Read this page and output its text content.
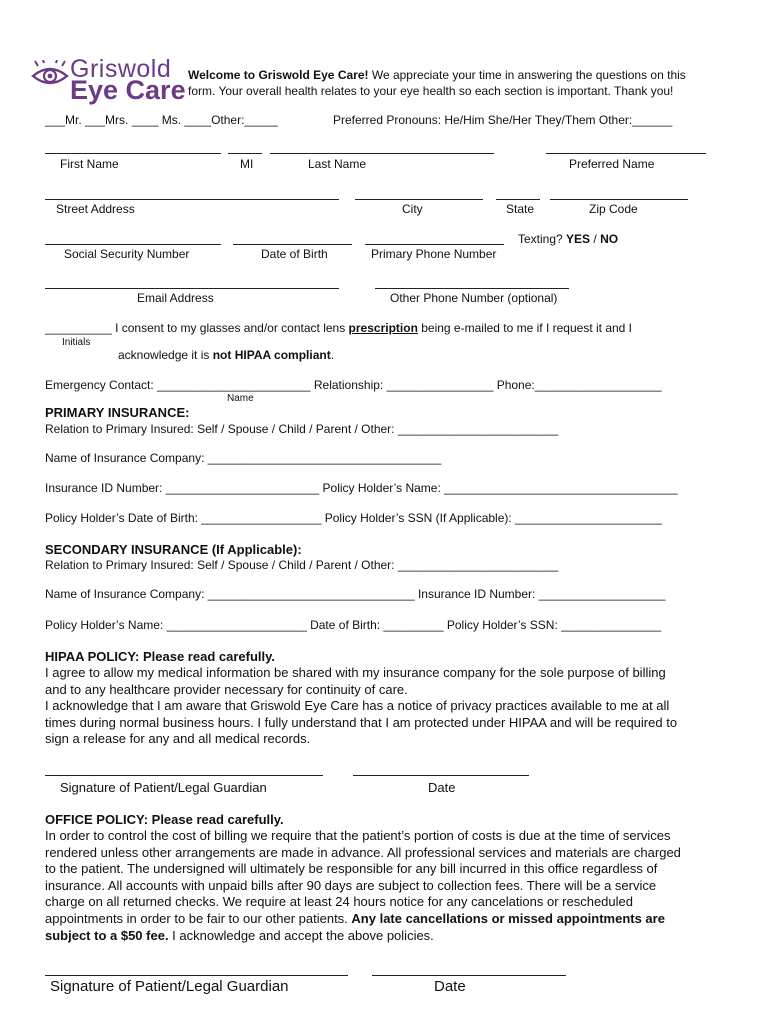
Griswold
Eye Care Welcome to Griswold Eye Care! We appreciate your time in answering the questions on this
form. Your overall health relates to your eye health so each section is important. Thank you!
___Mr. ___Mrs. ____ Ms. ____Other:_____	Preferred Pronouns: He/Him She/Her They/Them Other:______
First Name	MI	Last Name	Preferred Name
Street Address	City	State	Zip Code
Texting? YES / NO
Social Security Number	Date of Birth	Primary Phone Number
Email Address	Other Phone Number (optional)
__________ I consent to my glasses and/or contact lens prescription being e-mailed to me if I request it and I
Initials
acknowledge it is not HIPAA compliant.
Emergency Contact: _______________________ Relationship: ________________ Phone:___________________
Name
PRIMARY INSURANCE:
Relation to Primary Insured: Self / Spouse / Child / Parent / Other: ________________________
Name of Insurance Company: ___________________________________
Insurance ID Number: _______________________ Policy Holder’s Name: ___________________________________
Policy Holder’s Date of Birth: __________________ Policy Holder’s SSN (If Applicable): ______________________
SECONDARY INSURANCE (If Applicable):
Relation to Primary Insured: Self / Spouse / Child / Parent / Other: ________________________
Name of Insurance Company: _______________________________ Insurance ID Number: ___________________
Policy Holder’s Name: _____________________ Date of Birth: _________ Policy Holder’s SSN: _______________
HIPAA POLICY: Please read carefully.
I agree to allow my medical information be shared with my insurance company for the sole purpose of billing
and to any healthcare provider necessary for continuity of care.
I acknowledge that I am aware that Griswold Eye Care has a notice of privacy practices available to me at all
times during normal business hours. I fully understand that I am protected under HIPAA and will be required to
sign a release for any and all medical records.
Signature of Patient/Legal Guardian	Date
OFFICE POLICY: Please read carefully.
In order to control the cost of billing we require that the patient’s portion of costs is due at the time of services
rendered unless other arrangements are made in advance. All professional services and materials are charged
to the patient. The undersigned will ultimately be responsible for any bill incurred in this office regardless of
insurance. All accounts with unpaid bills after 90 days are subject to collection fees. There will be a service
charge on all returned checks. We require at least 24 hours notice for any cancelations or rescheduled
appointments in order to be fair to our other patients. Any late cancellations or missed appointments are
subject to a $50 fee. I acknowledge and accept the above policies.
Signature of Patient/Legal Guardian	Date
